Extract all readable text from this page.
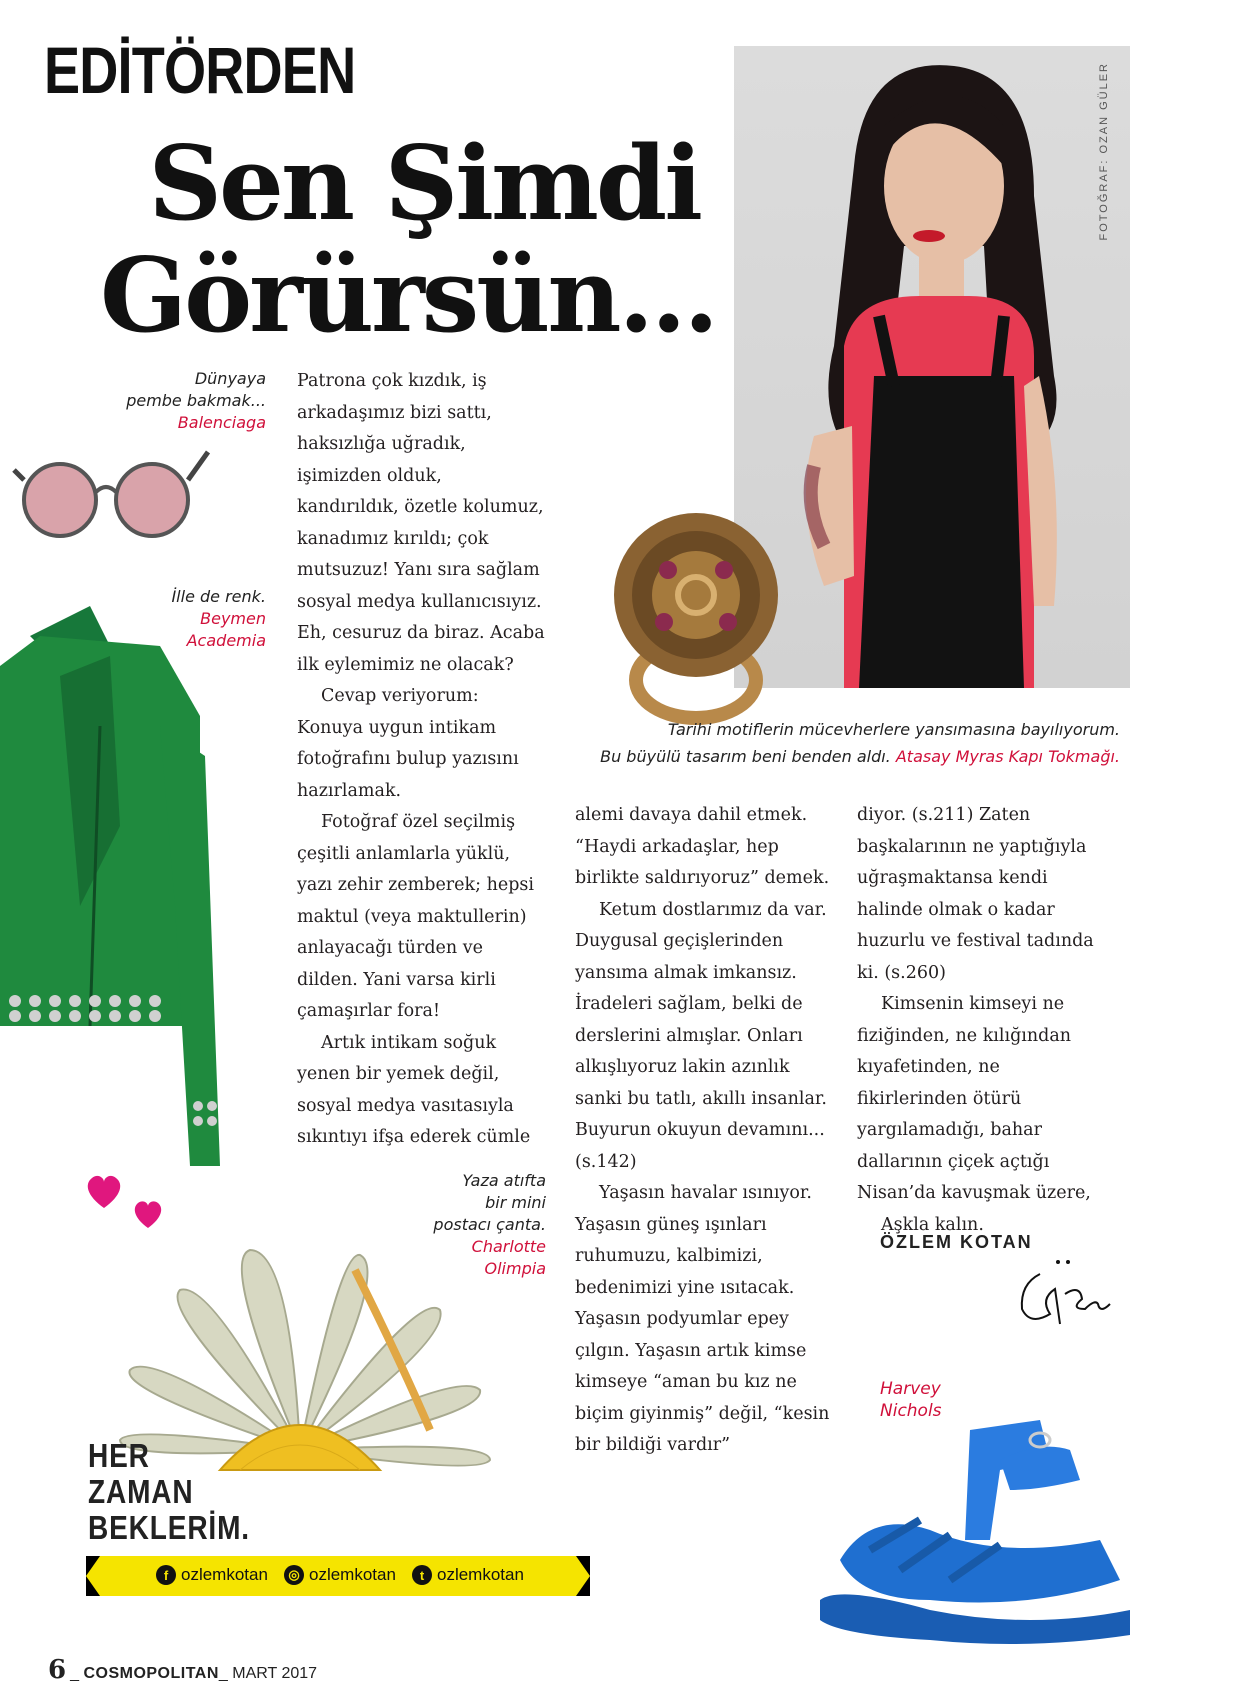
EDİTÖRDEN
Sen Şimdi
Görürsün...
FOTOĞRAF: OZAN GÜLER
Tarihi motiflerin mücevherlere yansımasına bayılıyorum.
Bu büyülü tasarım beni benden aldı. Atasay Myras Kapı Tokmağı.
Dünyaya
pembe bakmak...
Balenciaga
İlle de renk.
Beymen
Academia

Patrona çok kızdık, iş arkadaşımız bizi sattı, haksızlığa uğradık, işimizden olduk, kandırıldık, özetle kolumuz, kanadımız kırıldı; çok mutsuzuz! Yanı sıra sağlam sosyal medya kullanıcısıyız. Eh, cesuruz da biraz. Acaba ilk eylemimiz ne olacak?

Cevap veriyorum: Konuya uygun intikam fotoğrafını bulup yazısını hazırlamak.

Fotoğraf özel seçilmiş çeşitli anlamlarla yüklü, yazı zehir zemberek; hepsi maktul (veya maktullerin) anlayacağı türden ve dilden. Yani varsa kirli çamaşırlar fora!

Artık intikam soğuk yenen bir yemek değil, sosyal medya vasıtasıyla sıkıntıyı ifşa ederek cümle

alemi davaya dahil etmek. “Haydi arkadaşlar, hep birlikte saldırıyoruz” demek.

Ketum dostlarımız da var. Duygusal geçişlerinden yansıma almak imkansız. İradeleri sağlam, belki de derslerini almışlar. Onları alkışlıyoruz lakin azınlık sanki bu tatlı, akıllı insanlar. Buyurun okuyun devamını... (s.142)

Yaşasın havalar ısınıyor. Yaşasın güneş ışınları ruhumuzu, kalbimizi, bedenimizi yine ısıtacak. Yaşasın podyumlar epey çılgın. Yaşasın artık kimse kimseye “aman bu kız ne biçim giyinmiş” değil, “kesin bir bildiği vardır”

diyor. (s.211) Zaten başkalarının ne yaptığıyla uğraşmaktansa kendi halinde olmak o kadar huzurlu ve festival tadında ki. (s.260)

Kimsenin kimseyi ne fiziğinden, ne kılığından kıyafetinden, ne fikirlerinden ötürü yargılamadığı, bahar dallarının çiçek açtığı Nisan’da kavuşmak üzere,

Aşkla kalın.

ÖZLEM KOTAN
Yaza atıfta
bir mini
postacı çanta.
Charlotte
Olimpia
HER
ZAMAN
BEKLERİM.
f ozlemkotan	◎ ozlemkotan	t ozlemkotan
Harvey
Nichols
6 _ COSMOPOLITAN _ MART 2017
